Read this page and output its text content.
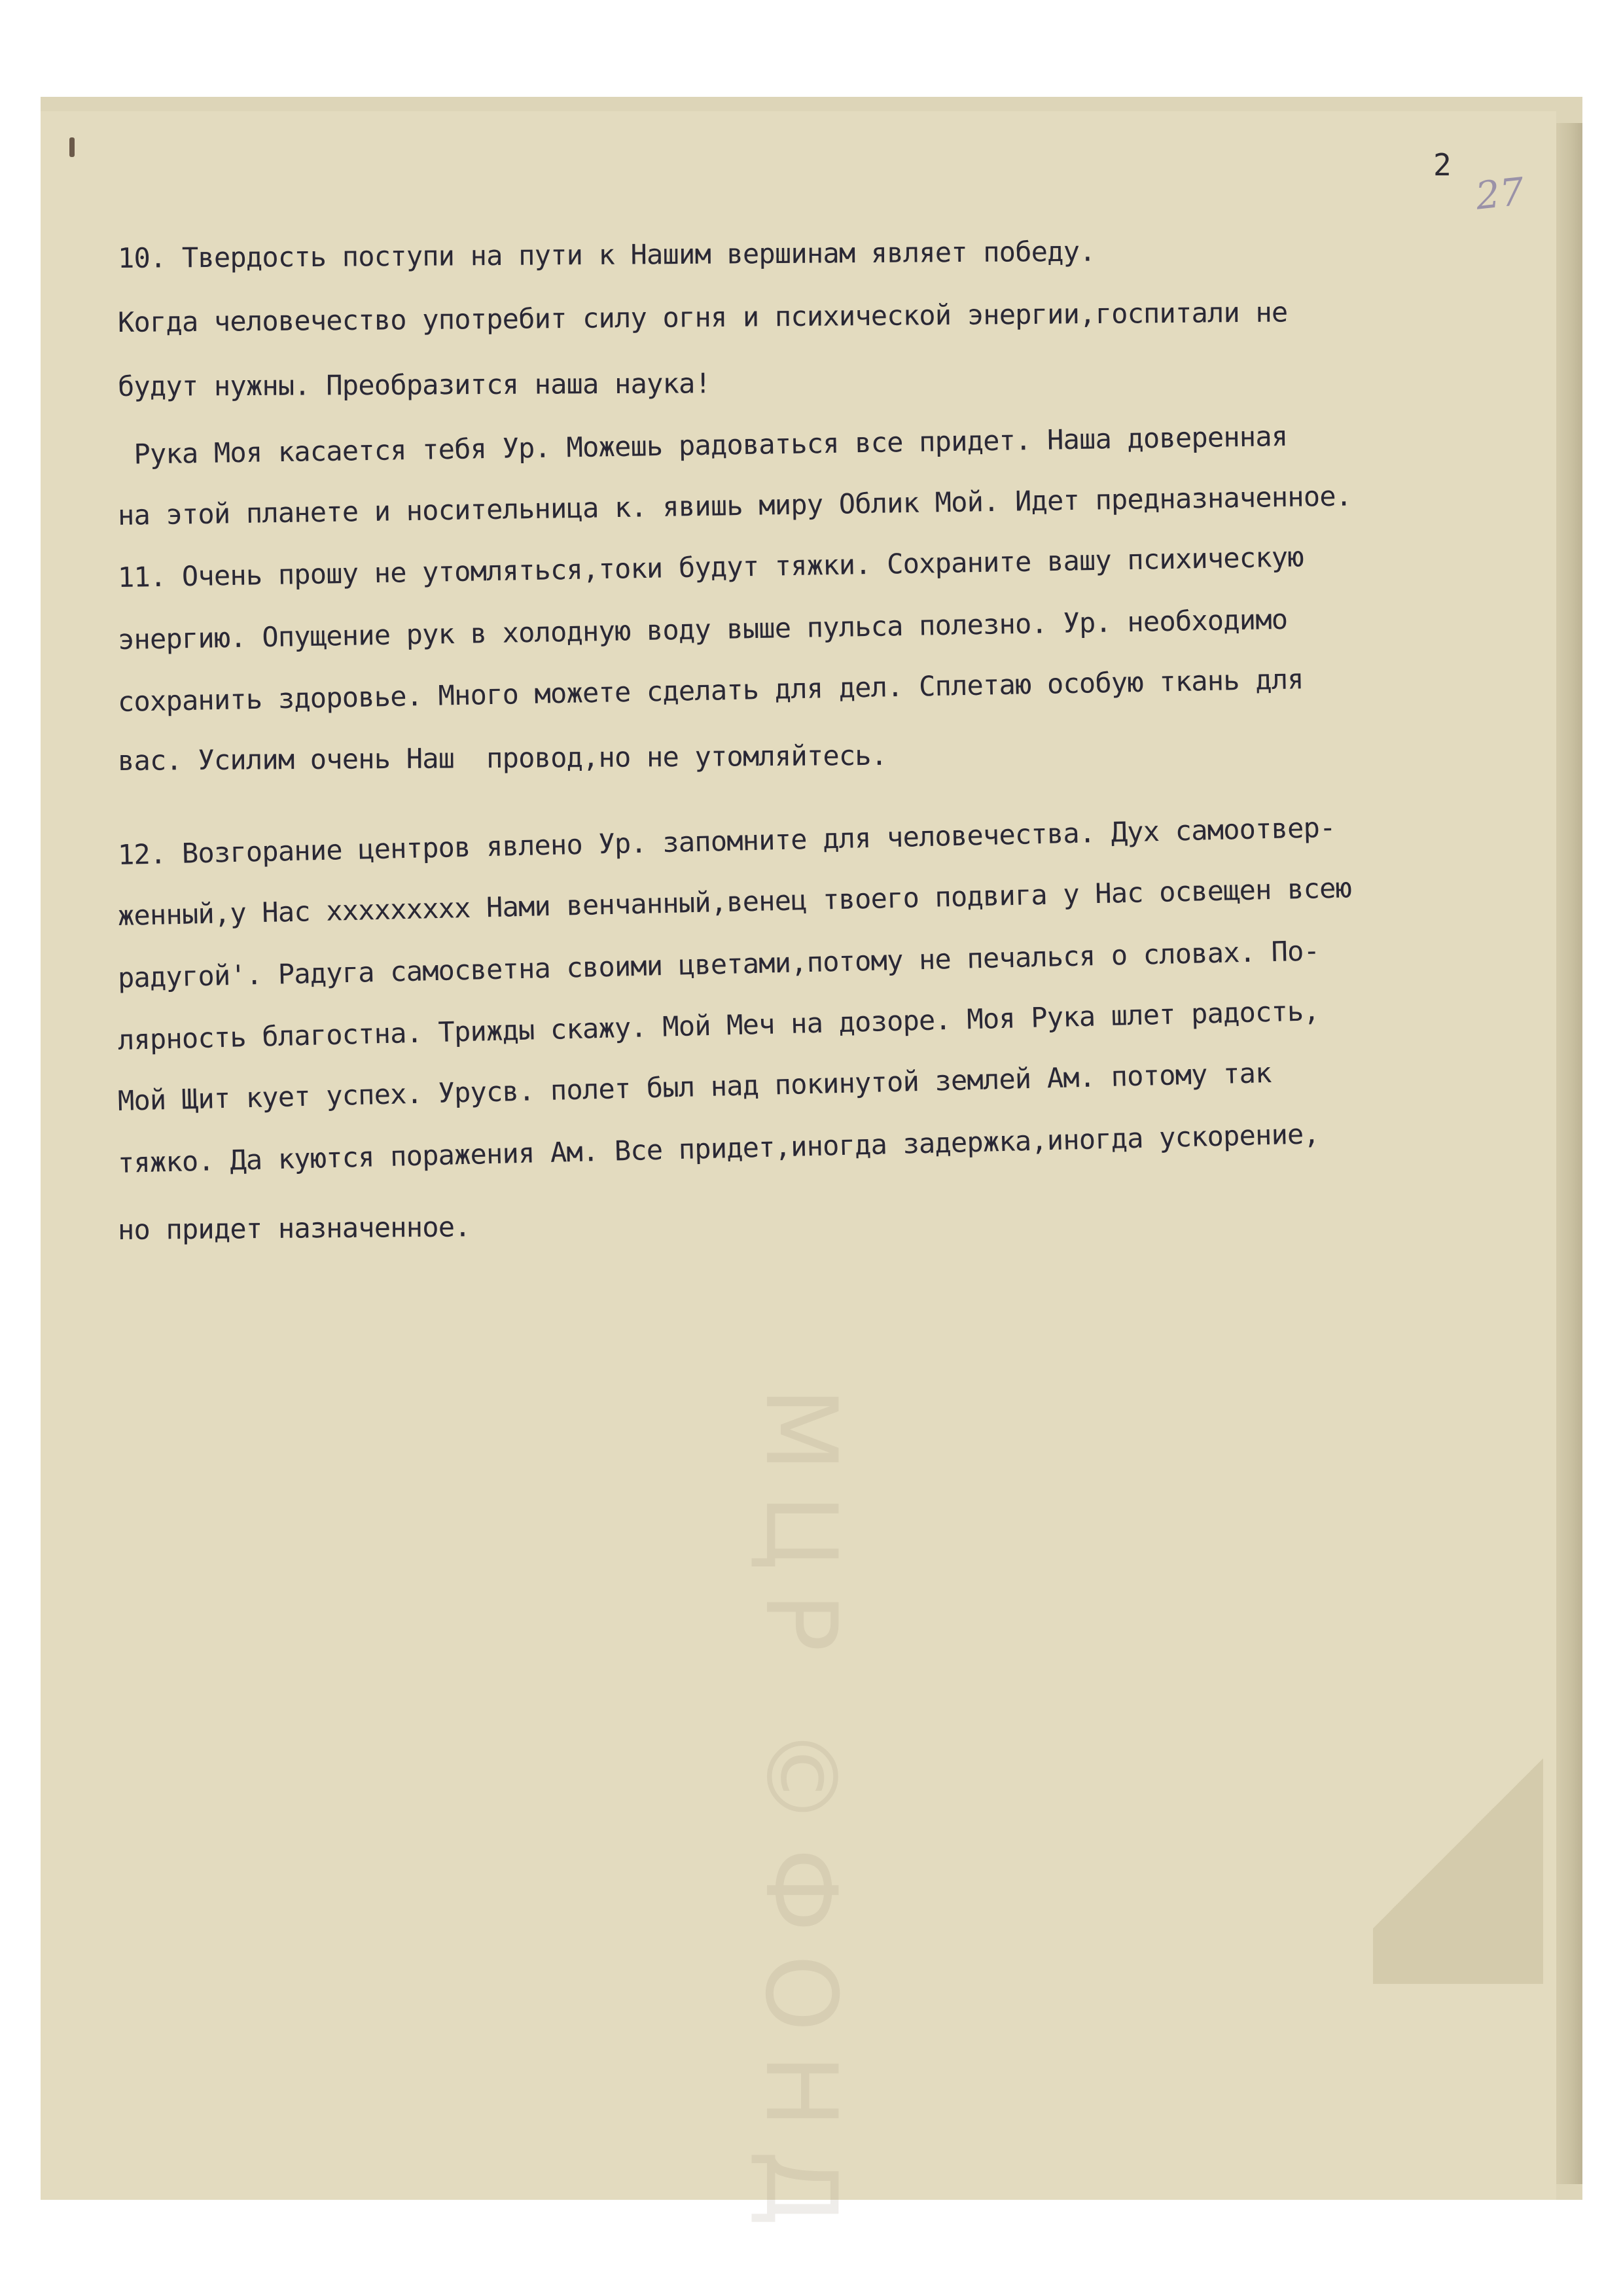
2
27
МЦР ©ФОНД
10. Твердость поступи на пути к Нашим вершинам являет победу.
Когда человечество употребит силу огня и психической энергии,госпитали не
будут нужны. Преобразится наша наука!
Рука Моя касается тебя Ур. Можешь радоваться все придет. Наша доверенная
на этой планете и носительница к. явишь миру Облик Мой. Идет предназначенное.
11. Очень прошу не утомляться,токи будут тяжки. Сохраните вашу психическую
энергию. Опущение рук в холодную воду выше пульса полезно. Ур. необходимо
сохранить здоровье. Много можете сделать для дел. Сплетаю особую ткань для
вас. Усилим очень Наш  провод,но не утомляйтесь.
12. Возгорание центров явлено Ур. запомните для человечества. Дух самоотвер-
женный,у Нас xxxxxxxxx Нами венчанный,венец твоего подвига у Нас освещен всею
радугой'. Радуга самосветна своими цветами,потому не печалься о словах. По-
лярность благостна. Трижды скажу. Мой Меч на дозоре. Моя Рука шлет радость,
Мой Щит кует успех. Урусв. полет был над покинутой землей Ам. потому так
тяжко. Да куются поражения Ам. Все придет,иногда задержка,иногда ускорение,
но придет назначенное.
